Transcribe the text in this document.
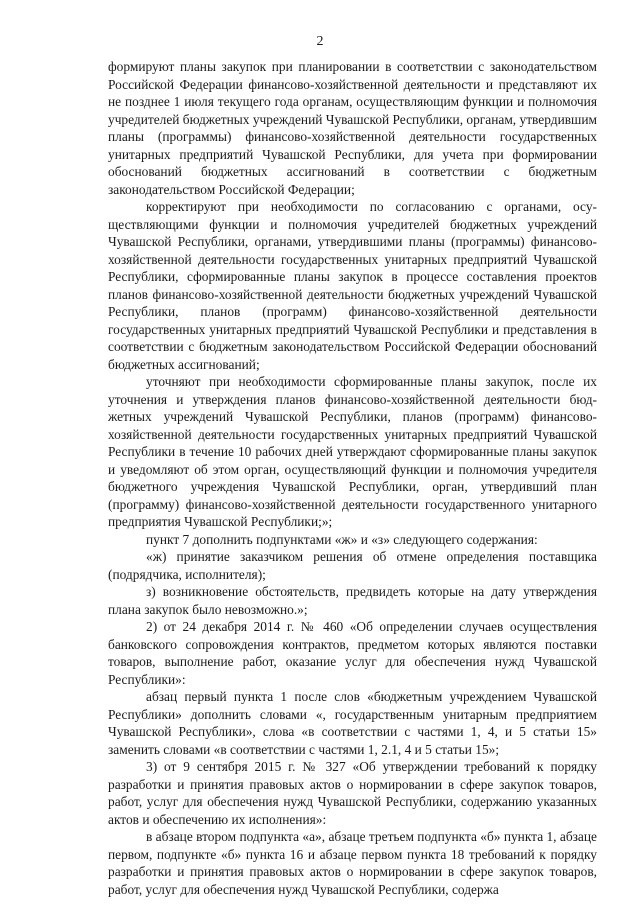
2

формируют планы закупок при планировании в соответствии с законодательством Российской Федерации финансово-хозяйственной деятельности и представляют их не позднее 1 июля текущего года органам, осуществляющим функции и полномочия учредителей бюджетных учреждений Чувашской Республики, органам, утвердившим планы (программы) финансово-хозяйственной деятельности государственных унитарных предприятий Чувашской Республики, для учета при формировании обоснований бюджетных ассигнований в соответствии с бюджетным законодательством Российской Федерации;

корректируют при необходимости по согласованию с органами, осуществляющими функции и полномочия учредителей бюджетных учреждений Чувашской Республики, органами, утвердившими планы (программы) финансово-хозяйственной деятельности государственных унитарных предприятий Чувашской Республики, сформированные планы закупок в процессе составления проектов планов финансово-хозяйственной деятельности бюджетных учреждений Чувашской Республики, планов (программ) финансово-хозяйственной деятельности государственных унитарных предприятий Чувашской Республики и представления в соответствии с бюджетным законодательством Российской Федерации обоснований бюджетных ассигнований;

уточняют при необходимости сформированные планы закупок, после их уточнения и утверждения планов финансово-хозяйственной деятельности бюджетных учреждений Чувашской Республики, планов (программ) финансово-хозяйственной деятельности государственных унитарных предприятий Чувашской Республики в течение 10 рабочих дней утверждают сформированные планы закупок и уведомляют об этом орган, осуществляющий функции и полномочия учредителя бюджетного учреждения Чувашской Республики, орган, утвердивший план (программу) финансово-хозяйственной деятельности государственного унитарного предприятия Чувашской Республики;»;

пункт 7 дополнить подпунктами «ж» и «з» следующего содержания:

«ж) принятие заказчиком решения об отмене определения поставщика (подрядчика, исполнителя);

з) возникновение обстоятельств, предвидеть которые на дату утверждения плана закупок было невозможно.»;

2) от 24 декабря 2014 г. № 460 «Об определении случаев осуществления банковского сопровождения контрактов, предметом которых являются поставки товаров, выполнение работ, оказание услуг для обеспечения нужд Чувашской Республики»:

абзац первый пункта 1 после слов «бюджетным учреждением Чувашской Республики» дополнить словами «, государственным унитарным предприятием Чувашской Республики», слова «в соответствии с частями 1, 4, и 5 статьи 15» заменить словами «в соответствии с частями 1, 2.1, 4 и 5 статьи 15»;

3) от 9 сентября 2015 г. № 327 «Об утверждении требований к порядку разработки и принятия правовых актов о нормировании в сфере закупок товаров, работ, услуг для обеспечения нужд Чувашской Республики, содержанию указанных актов и обеспечению их исполнения»:

в абзаце втором подпункта «а», абзаце третьем подпункта «б» пункта 1, абзаце первом, подпункте «б» пункта 16 и абзаце первом пункта 18 требований к порядку разработки и принятия правовых актов о нормировании в сфере закупок товаров, работ, услуг для обеспечения нужд Чувашской Республики, содержа
